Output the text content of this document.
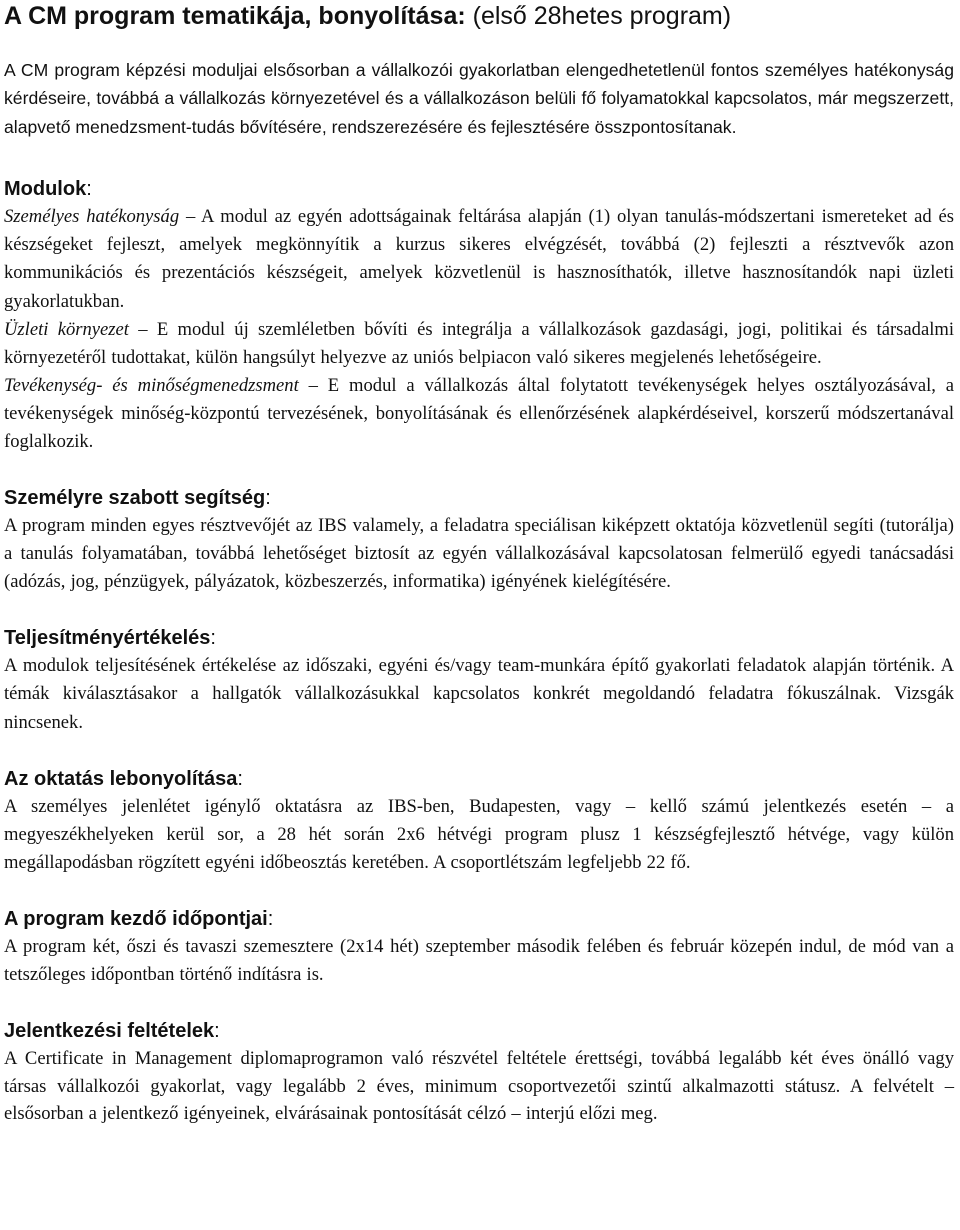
A CM program tematikája, bonyolítása: (első 28hetes program)

A CM program képzési moduljai elsősorban a vállalkozói gyakorlatban elengedhetetlenül fontos személyes hatékonyság kérdéseire, továbbá a vállalkozás környezetével és a vállalkozáson belüli fő folyamatokkal kapcsolatos, már megszerzett, alapvető menedzsment-tudás bővítésére, rendszerezésére és fejlesztésére összpontosítanak.

Modulok:

Személyes hatékonyság – A modul az egyén adottságainak feltárása alapján (1) olyan tanulás-módszertani ismereteket ad és készségeket fejleszt, amelyek megkönnyítik a kurzus sikeres elvégzését, továbbá (2) fejleszti a résztvevők azon kommunikációs és prezentációs készségeit, amelyek közvetlenül is hasznosíthatók, illetve hasznosítandók napi üzleti gyakorlatukban.

Üzleti környezet – E modul új szemléletben bővíti és integrálja a vállalkozások gazdasági, jogi, politikai és társadalmi környezetéről tudottakat, külön hangsúlyt helyezve az uniós belpiacon való sikeres megjelenés lehetőségeire.

Tevékenység- és minőségmenedzsment – E modul a vállalkozás által folytatott tevékenységek helyes osztályozásával, a tevékenységek minőség-központú tervezésének, bonyolításának és ellenőrzésének alapkérdéseivel, korszerű módszertanával foglalkozik.

Személyre szabott segítség:

A program minden egyes résztvevőjét az IBS valamely, a feladatra speciálisan kiképzett oktatója közvetlenül segíti (tutorálja) a tanulás folyamatában, továbbá lehetőséget biztosít az egyén vállalkozásával kapcsolatosan felmerülő egyedi tanácsadási (adózás, jog, pénzügyek, pályázatok, közbeszerzés, informatika) igényének kielégítésére.

Teljesítményértékelés:

A modulok teljesítésének értékelése az időszaki, egyéni és/vagy team-munkára építő gyakorlati feladatok alapján történik. A témák kiválasztásakor a hallgatók vállalkozásukkal kapcsolatos konkrét megoldandó feladatra fókuszálnak. Vizsgák nincsenek.

Az oktatás lebonyolítása:

A személyes jelenlétet igénylő oktatásra az IBS-ben, Budapesten, vagy – kellő számú jelentkezés esetén – a megyeszékhelyeken kerül sor, a 28 hét során 2x6 hétvégi program plusz 1 készségfejlesztő hétvége, vagy külön megállapodásban rögzített egyéni időbeosztás keretében. A csoportlétszám legfeljebb 22 fő.

A program kezdő időpontjai:

A program két, őszi és tavaszi szemesztere (2x14 hét) szeptember második felében és február közepén indul, de mód van a tetszőleges időpontban történő indításra is.

Jelentkezési feltételek:

A Certificate in Management diplomaprogramon való részvétel feltétele érettségi, továbbá legalább két éves önálló vagy társas vállalkozói gyakorlat, vagy legalább 2 éves, minimum csoportvezetői szintű alkalmazotti státusz. A felvételt – elsősorban a jelentkező igényeinek, elvárásainak pontosítását célzó – interjú előzi meg.
